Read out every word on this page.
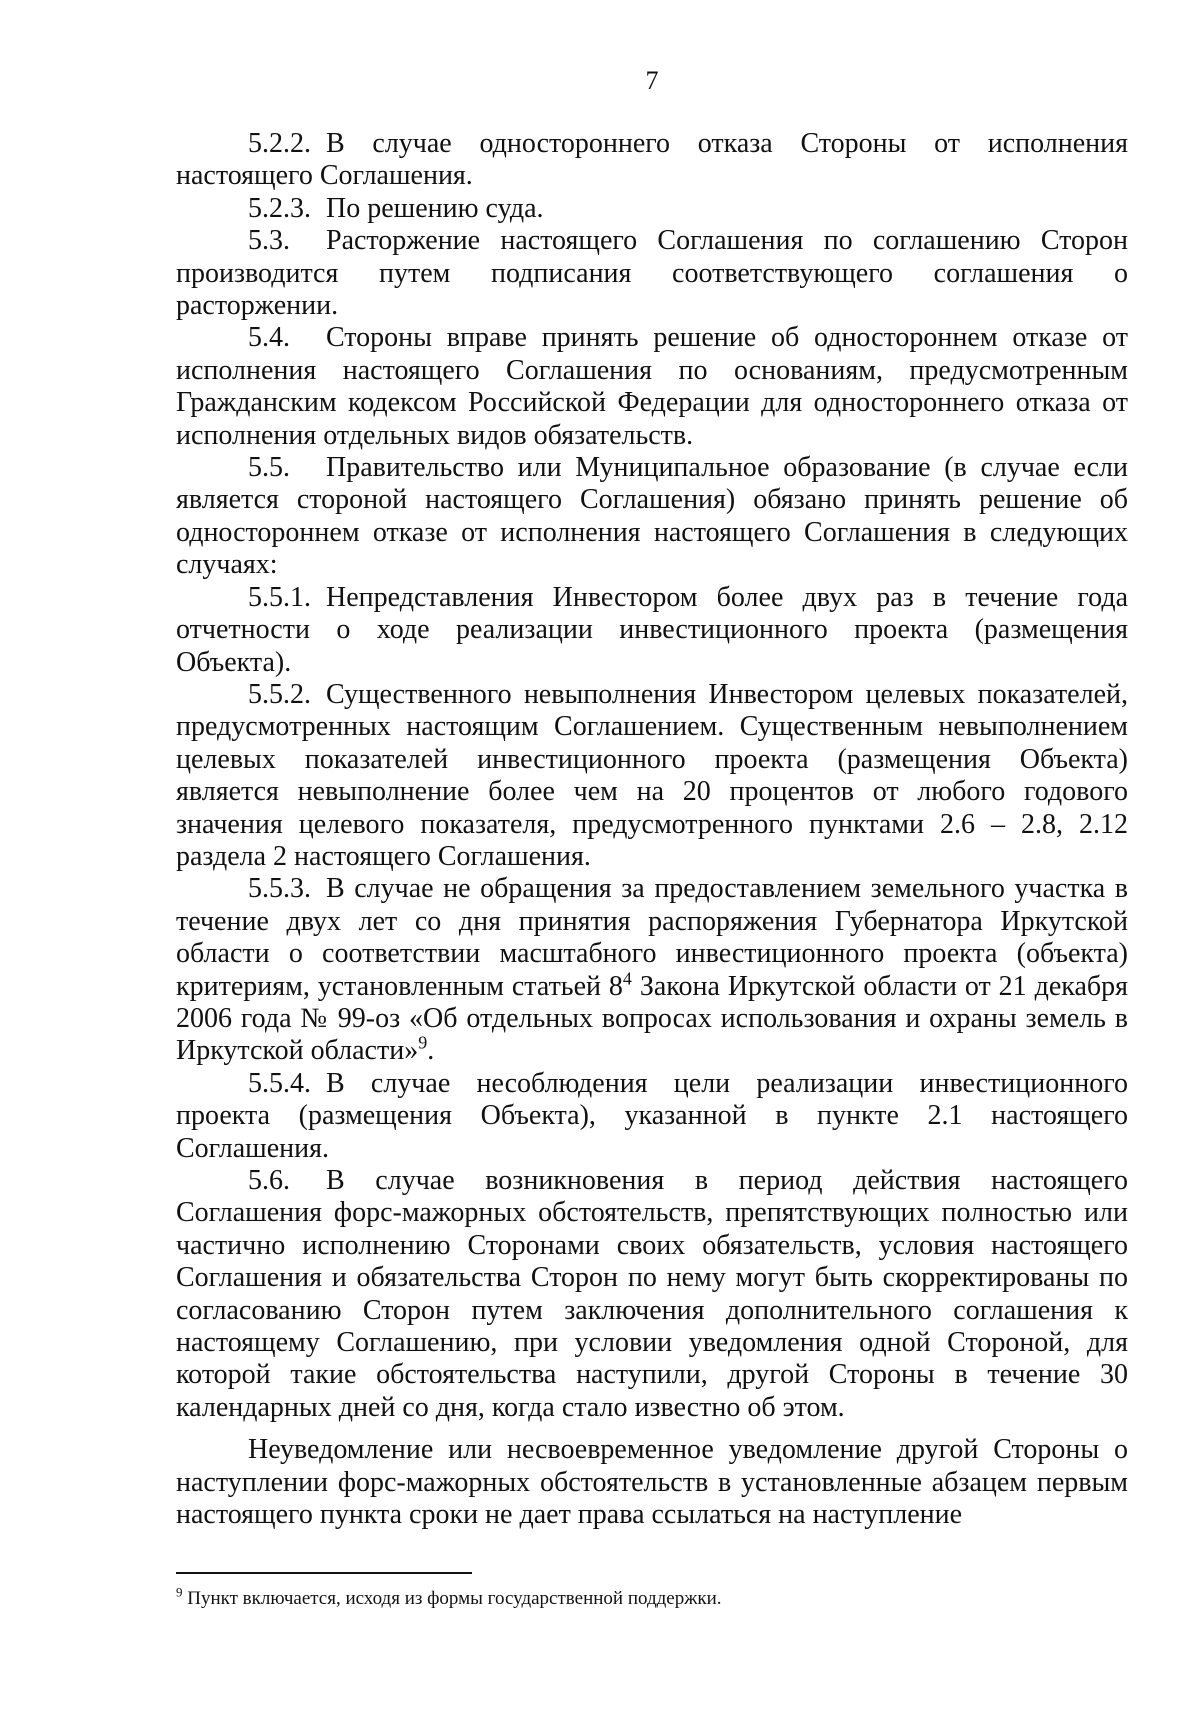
7

5.2.2. В случае одностороннего отказа Стороны от исполнения настоящего Соглашения.

5.2.3. По решению суда.

5.3. Расторжение настоящего Соглашения по соглашению Сторон производится путем подписания соответствующего соглашения о расторжении.

5.4. Стороны вправе принять решение об одностороннем отказе от исполнения настоящего Соглашения по основаниям, предусмотренным Гражданским кодексом Российской Федерации для одностороннего отказа от исполнения отдельных видов обязательств.

5.5. Правительство или Муниципальное образование (в случае если является стороной настоящего Соглашения) обязано принять решение об одностороннем отказе от исполнения настоящего Соглашения в следующих случаях:

5.5.1. Непредставления Инвестором более двух раз в течение года отчетности о ходе реализации инвестиционного проекта (размещения Объекта).

5.5.2. Существенного невыполнения Инвестором целевых показателей, предусмотренных настоящим Соглашением. Существенным невыполнением целевых показателей инвестиционного проекта (размещения Объекта) является невыполнение более чем на 20 процентов от любого годового значения целевого показателя, предусмотренного пунктами 2.6 – 2.8, 2.12 раздела 2 настоящего Соглашения.

5.5.3. В случае не обращения за предоставлением земельного участка в течение двух лет со дня принятия распоряжения Губернатора Иркутской области о соответствии масштабного инвестиционного проекта (объекта) критериям, установленным статьей $8^4$ Закона Иркутской области от 21 декабря 2006 года № 99-оз «Об отдельных вопросах использования и охраны земель в Иркутской области»$^9$.

5.5.4. В случае несоблюдения цели реализации инвестиционного проекта (размещения Объекта), указанной в пункте 2.1 настоящего Соглашения.

5.6. В случае возникновения в период действия настоящего Соглашения форс-мажорных обстоятельств, препятствующих полностью или частично исполнению Сторонами своих обязательств, условия настоящего Соглашения и обязательства Сторон по нему могут быть скорректированы по согласованию Сторон путем заключения дополнительного соглашения к настоящему Соглашению, при условии уведомления одной Стороной, для которой такие обстоятельства наступили, другой Стороны в течение 30 календарных дней со дня, когда стало известно об этом.

Неуведомление или несвоевременное уведомление другой Стороны о наступлении форс-мажорных обстоятельств в установленные абзацем первым настоящего пункта сроки не дает права ссылаться на наступление

$^9$ Пункт включается, исходя из формы государственной поддержки.
